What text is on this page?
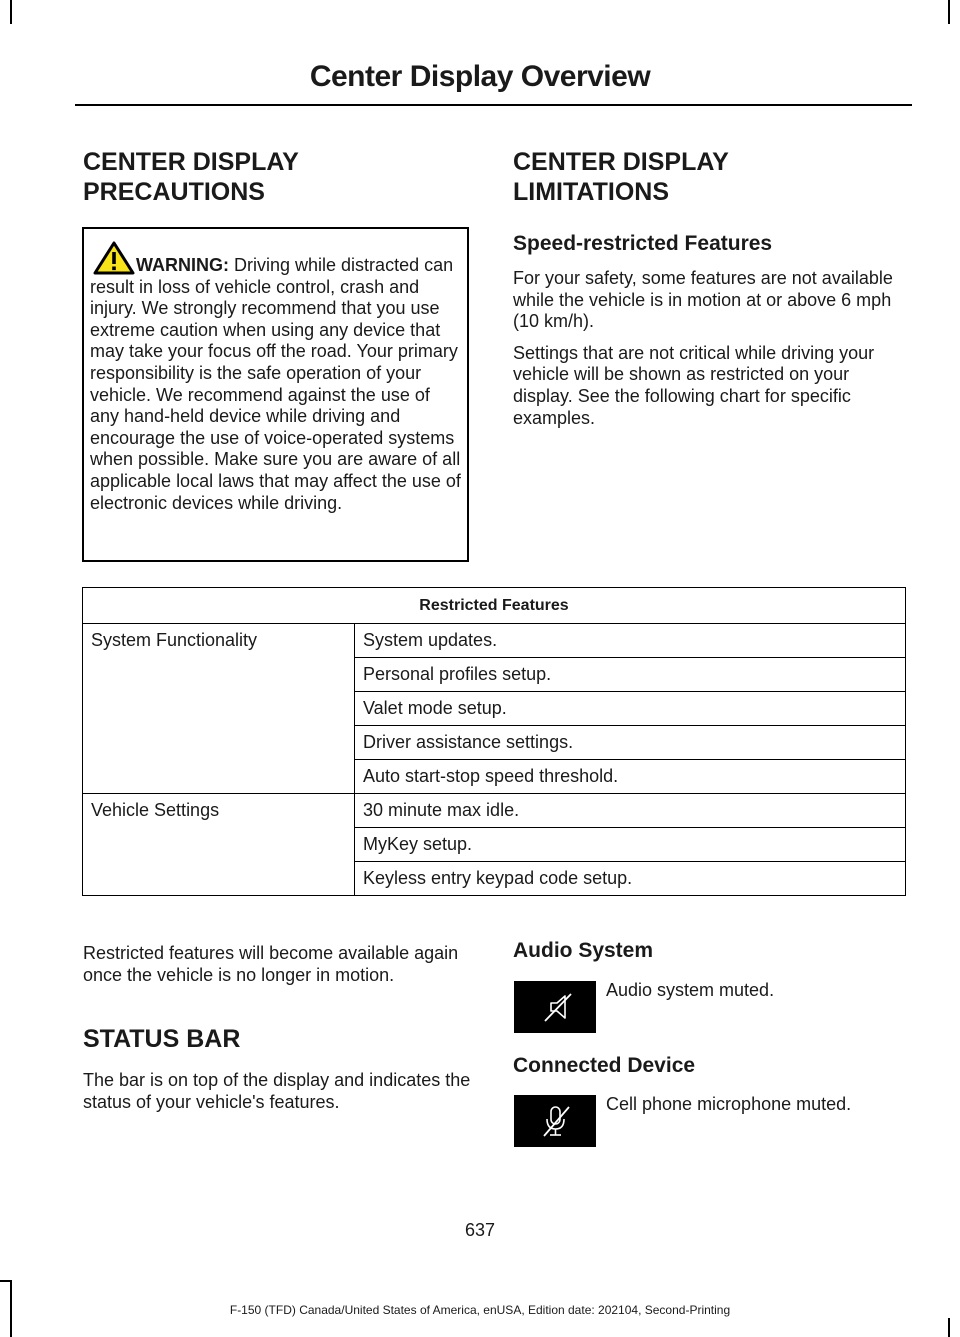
Center Display Overview
CENTER DISPLAY
PRECAUTIONS

WARNING: Driving while distracted can result in loss of vehicle control, crash and injury. We strongly recommend that you use extreme caution when using any device that may take your focus off the road. Your primary responsibility is the safe operation of your vehicle. We recommend against the use of any hand-held device while driving and encourage the use of voice-operated systems when possible. Make sure you are aware of all applicable local laws that may affect the use of electronic devices while driving.

CENTER DISPLAY
LIMITATIONS
Speed-restricted Features

For your safety, some features are not available while the vehicle is in motion at or above 6 mph (10 km/h).

Settings that are not critical while driving your vehicle will be shown as restricted on your display. See the following chart for specific examples.

Restricted Features	
System Functionality	System updates.
	Personal profiles setup.
	Valet mode setup.
	Driver assistance settings.
	Auto start-stop speed threshold.
Vehicle Settings	30 minute max idle.
	MyKey setup.
	Keyless entry keypad code setup.

Restricted features will become available again once the vehicle is no longer in motion.

STATUS BAR

The bar is on top of the display and indicates the status of your vehicle's features.

Audio System
Audio system muted.
Connected Device
Cell phone microphone muted.
637
F-150 (TFD) Canada/United States of America, enUSA, Edition date: 202104, Second-Printing
